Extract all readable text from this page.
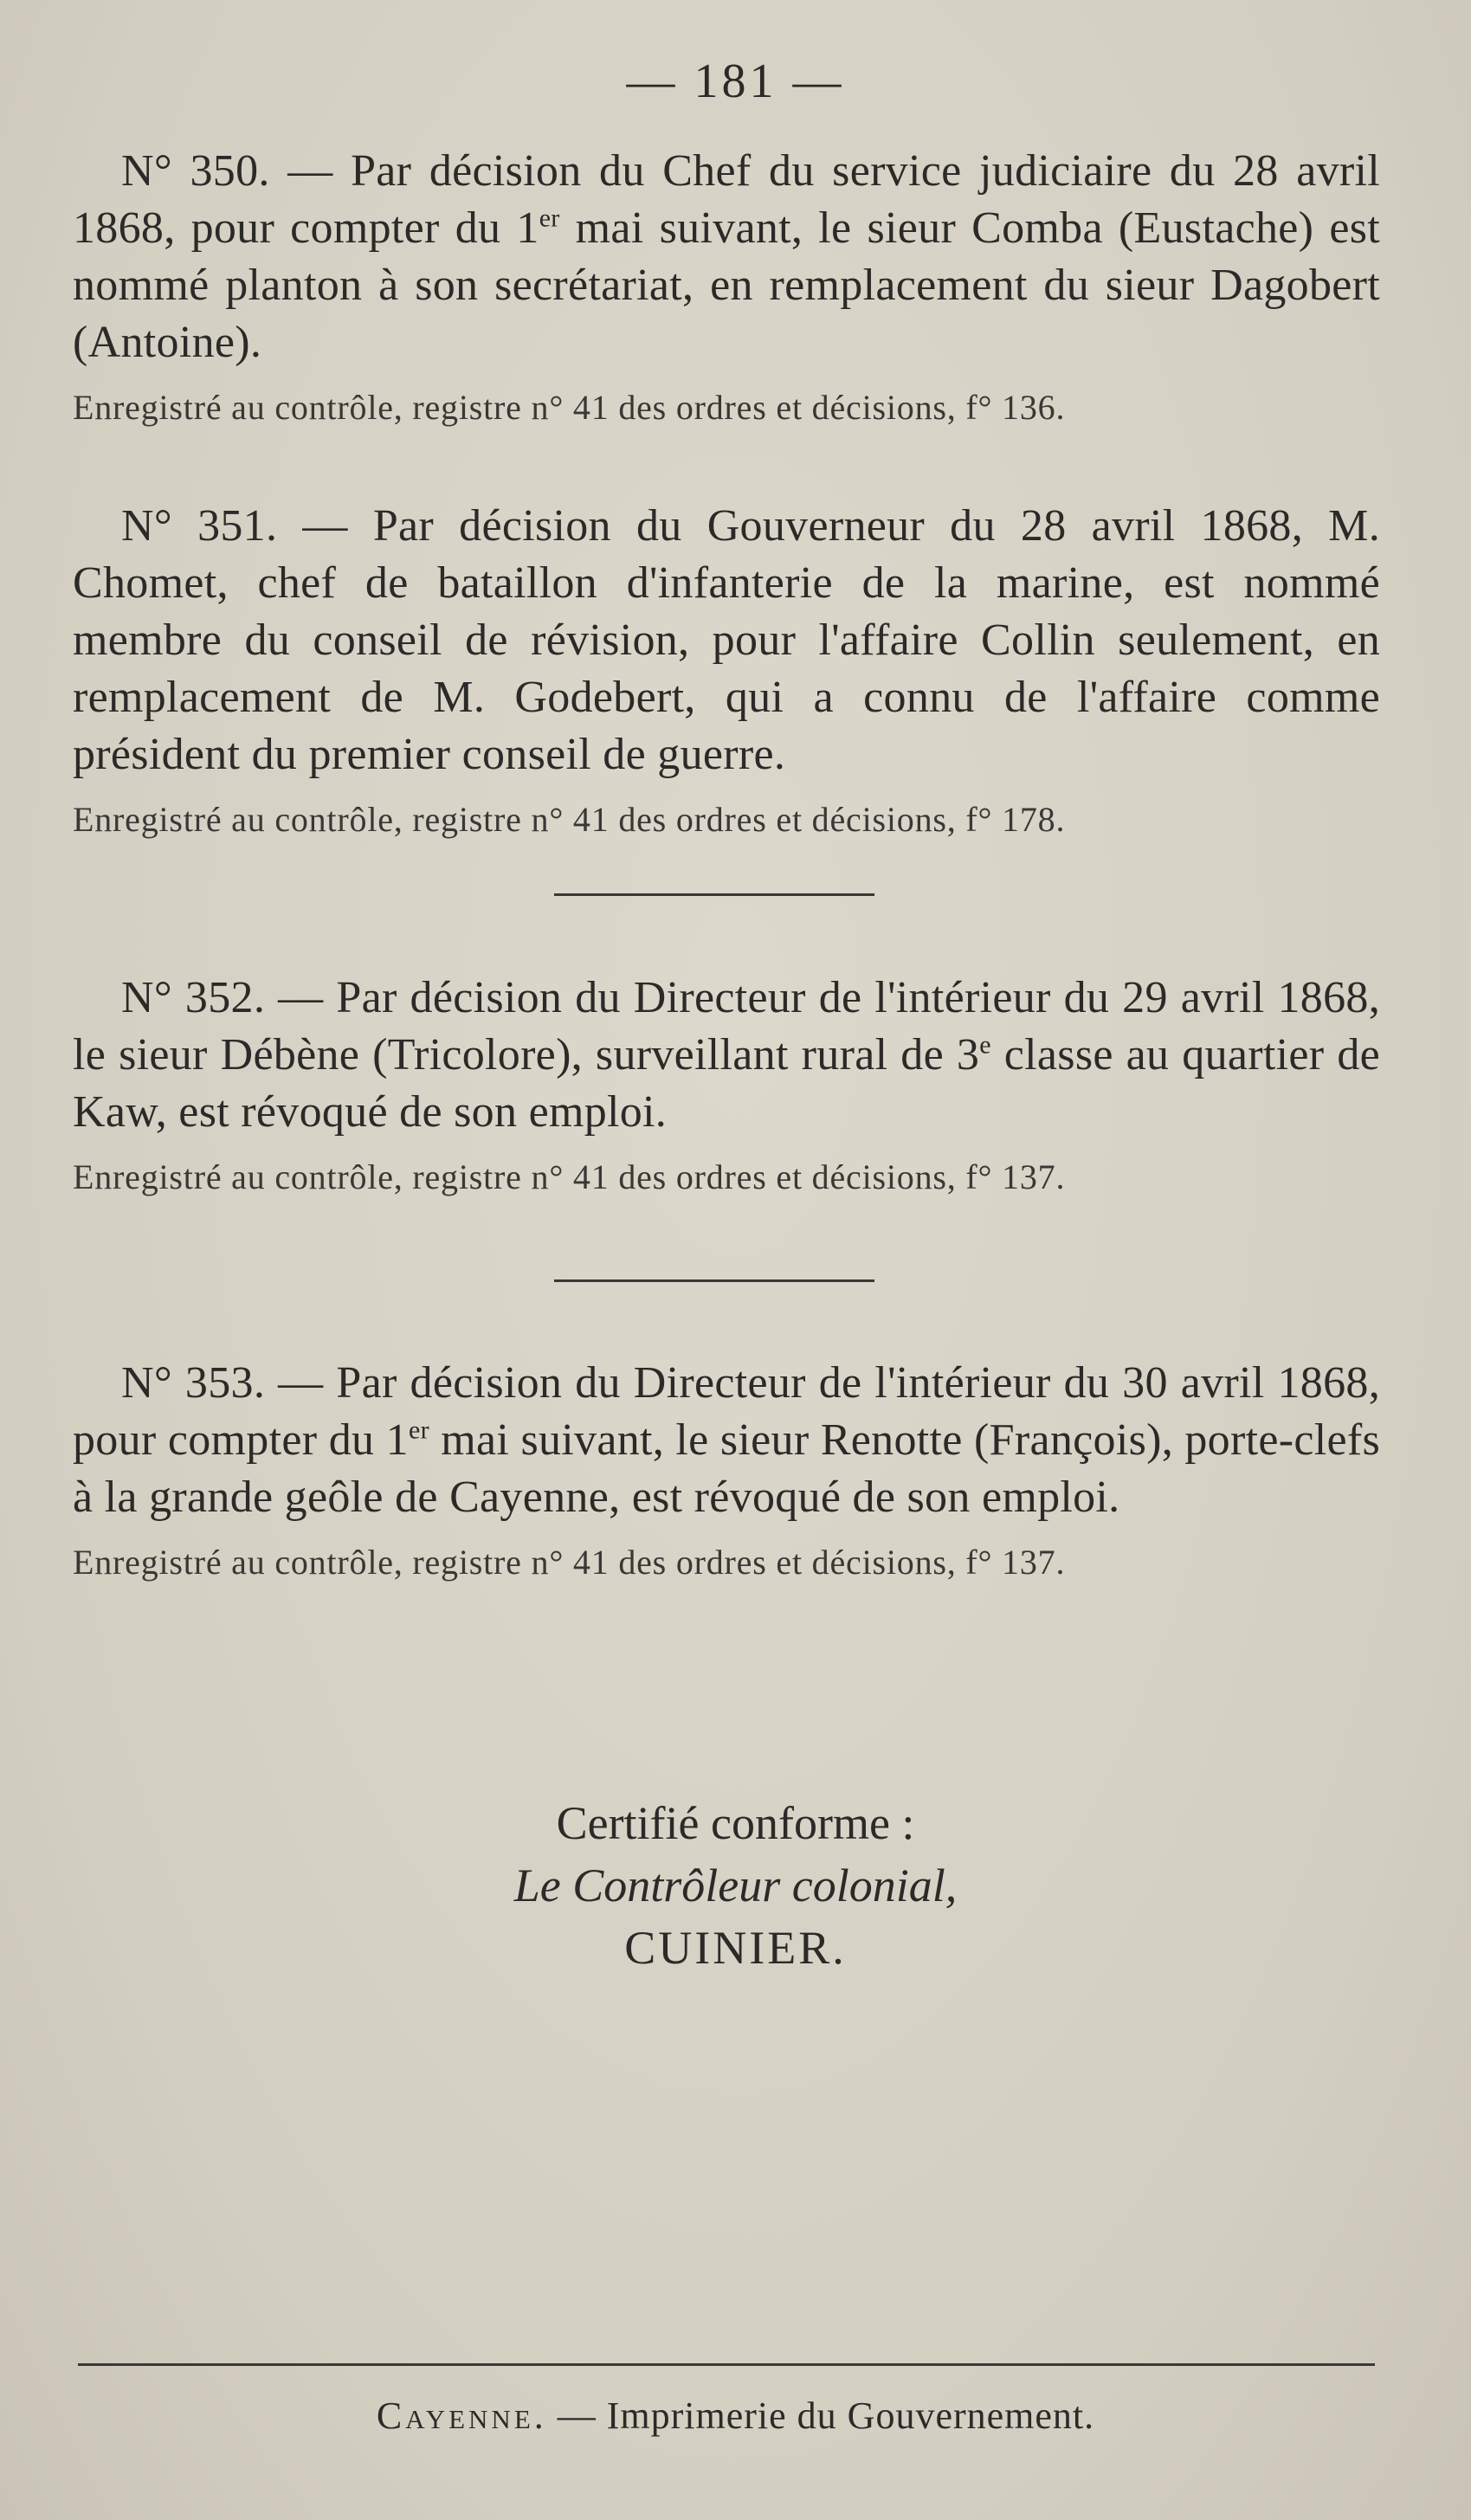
— 181 —

N° 350. — Par décision du Chef du service judiciaire du 28 avril 1868, pour compter du 1er mai suivant, le sieur Comba (Eustache) est nommé planton à son secrétariat, en remplacement du sieur Dagobert (Antoine).

Enregistré au contrôle, registre n° 41 des ordres et décisions, f° 136.

N° 351. — Par décision du Gouverneur du 28 avril 1868, M. Chomet, chef de bataillon d'infanterie de la marine, est nommé membre du conseil de révision, pour l'affaire Collin seulement, en remplacement de M. Godebert, qui a connu de l'affaire comme président du premier conseil de guerre.

Enregistré au contrôle, registre n° 41 des ordres et décisions, f° 178.

N° 352. — Par décision du Directeur de l'intérieur du 29 avril 1868, le sieur Débène (Tricolore), surveillant rural de 3e classe au quartier de Kaw, est révoqué de son emploi.

Enregistré au contrôle, registre n° 41 des ordres et décisions, f° 137.

N° 353. — Par décision du Directeur de l'intérieur du 30 avril 1868, pour compter du 1er mai suivant, le sieur Renotte (François), porte-clefs à la grande geôle de Cayenne, est révoqué de son emploi.

Enregistré au contrôle, registre n° 41 des ordres et décisions, f° 137.

Certifié conforme :

Le Contrôleur colonial,

CUINIER.

Cayenne. — Imprimerie du Gouvernement.
